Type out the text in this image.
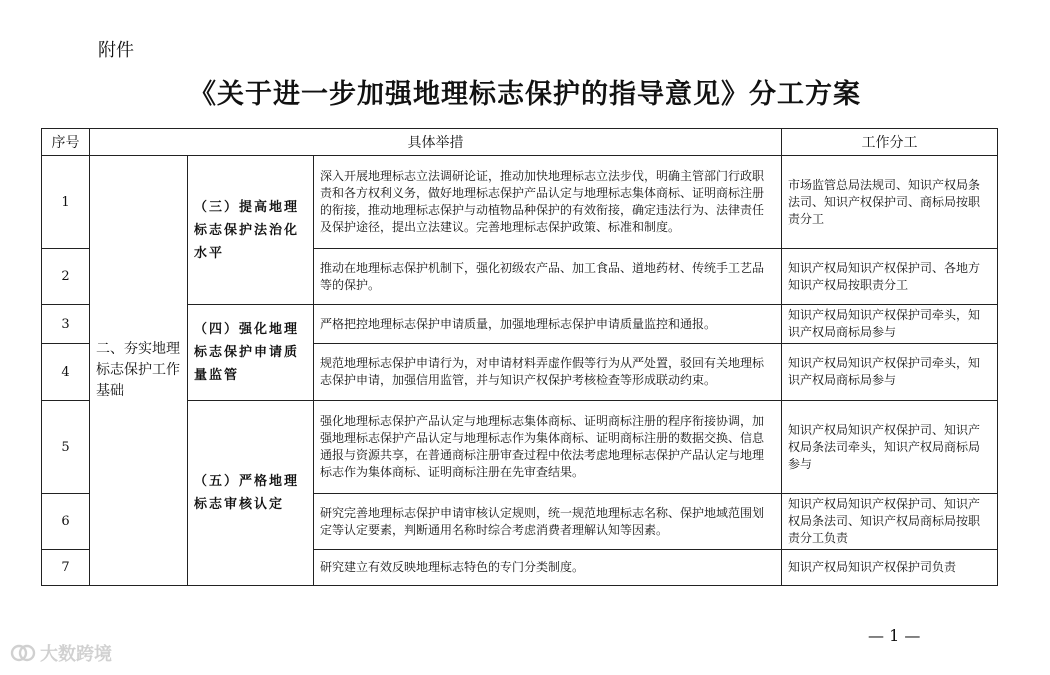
附件
《关于进一步加强地理标志保护的指导意见》分工方案
序号	具体举措			工作分工
1	二、夯实地理标志保护工作基础	（三）提高地理标志保护法治化水平	深入开展地理标志立法调研论证，推动加快地理标志立法步伐，明确主管部门行政职责和各方权利义务，做好地理标志保护产品认定与地理标志集体商标、证明商标注册的衔接，推动地理标志保护与动植物品种保护的有效衔接，确定违法行为、法律责任及保护途径，提出立法建议。完善地理标志保护政策、标准和制度。	市场监管总局法规司、知识产权局条法司、知识产权保护司、商标局按职责分工
2			推动在地理标志保护机制下，强化初级农产品、加工食品、道地药材、传统手工艺品等的保护。	知识产权局知识产权保护司、各地方知识产权局按职责分工
3		（四）强化地理标志保护申请质量监管	严格把控地理标志保护申请质量，加强地理标志保护申请质量监控和通报。	知识产权局知识产权保护司牵头，知识产权局商标局参与
4			规范地理标志保护申请行为，对申请材料弄虚作假等行为从严处置，驳回有关地理标志保护申请，加强信用监管，并与知识产权保护考核检查等形成联动约束。	知识产权局知识产权保护司牵头，知识产权局商标局参与
5		（五）严格地理标志审核认定	强化地理标志保护产品认定与地理标志集体商标、证明商标注册的程序衔接协调，加强地理标志保护产品认定与地理标志作为集体商标、证明商标注册的数据交换、信息通报与资源共享，在普通商标注册审查过程中依法考虑地理标志保护产品认定与地理标志作为集体商标、证明商标注册在先审查结果。	知识产权局知识产权保护司、知识产权局条法司牵头，知识产权局商标局参与
6			研究完善地理标志保护申请审核认定规则，统一规范地理标志名称、保护地域范围划定等认定要素，判断通用名称时综合考虑消费者理解认知等因素。	知识产权局知识产权保护司、知识产权局条法司、知识产权局商标局按职责分工负责
7			研究建立有效反映地理标志特色的专门分类制度。	知识产权局知识产权保护司负责
— 1 —
大数跨境
